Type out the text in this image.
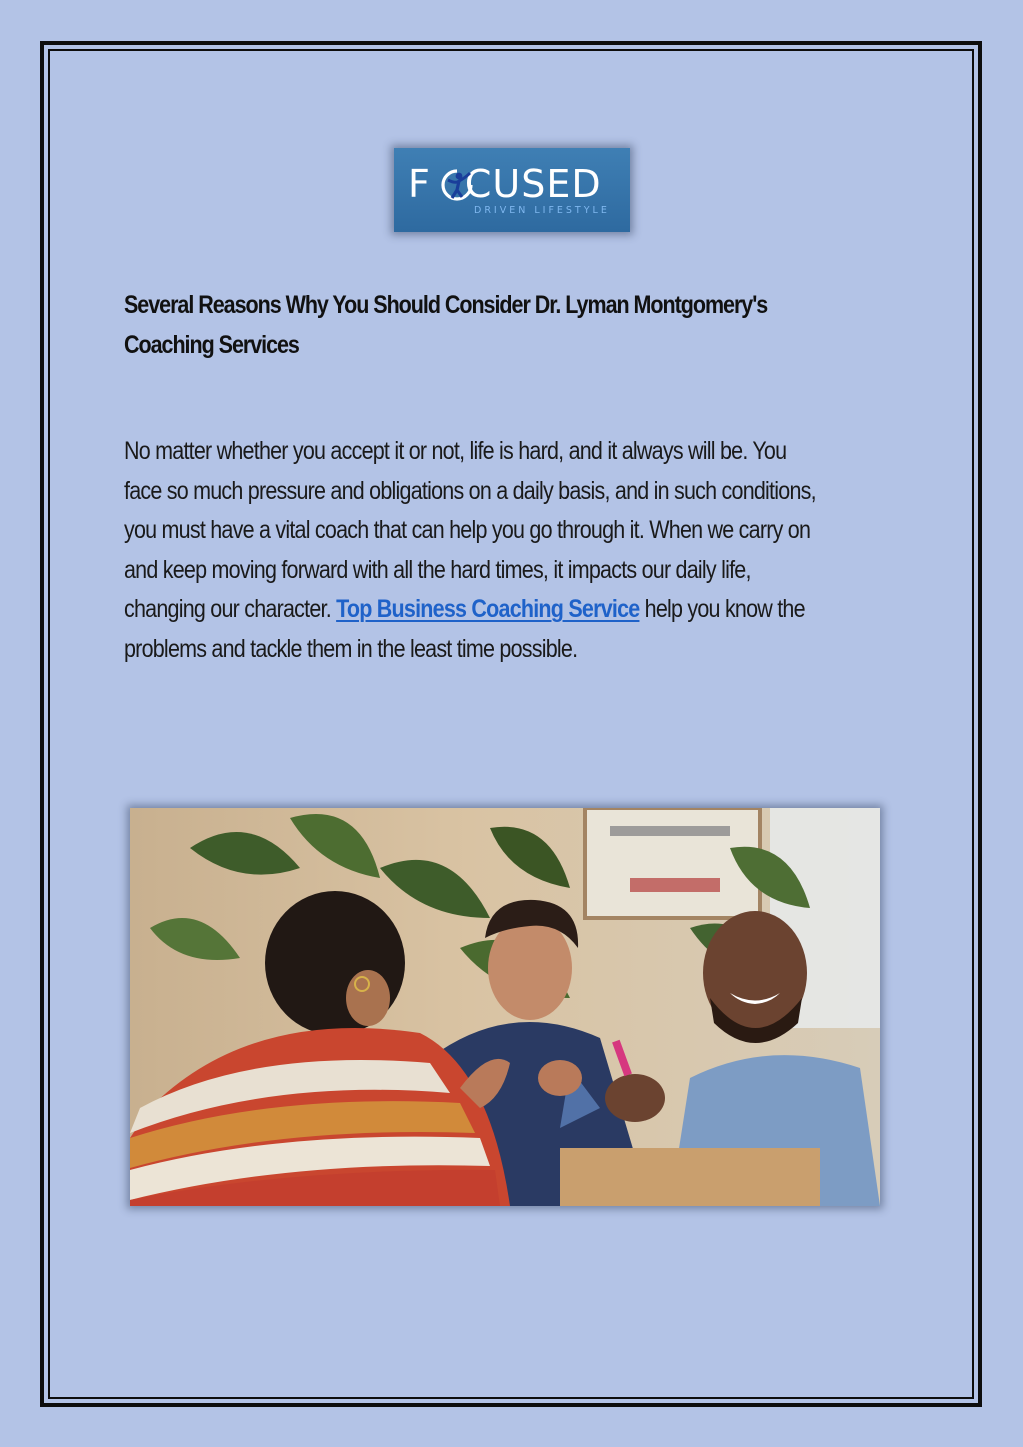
F CUSED
DRIVEN LIFESTYLE
Several Reasons Why You Should Consider Dr. Lyman Montgomery's
Coaching Services

No matter whether you accept it or not, life is hard, and it always will be. You
face so much pressure and obligations on a daily basis, and in such conditions,
you must have a vital coach that can help you go through it. When we carry on
and keep moving forward with all the hard times, it impacts our daily life,
changing our character. Top Business Coaching Service help you know the
problems and tackle them in the least time possible.
